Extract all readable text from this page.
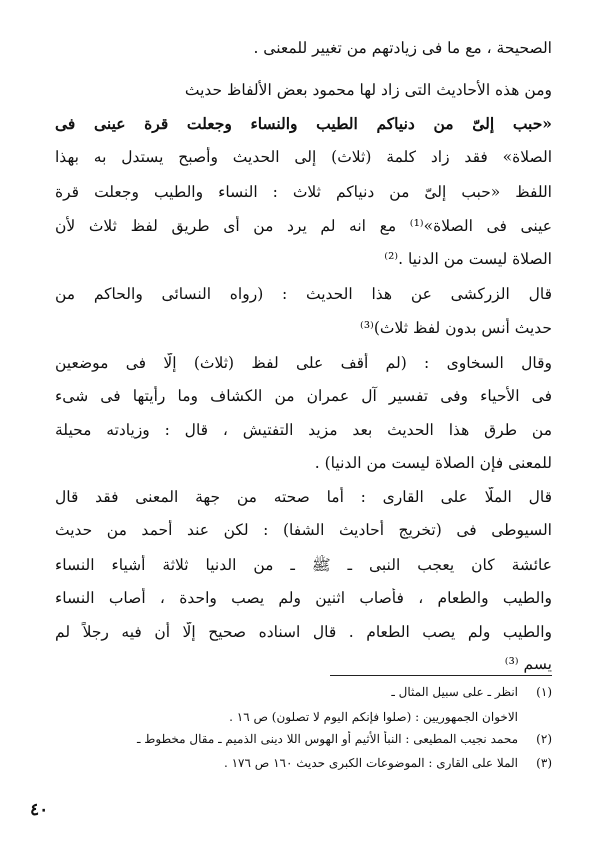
الصحيحة ، مع ما فى زيادتهم من تغيير للمعنى .
ومن هذه الأحاديث التى زاد لها محمود بعض الألفاظ حديث
«حبب إلىّ من دنياكم الطيب والنساء وجعلت قرة عينى فى
الصلاة» فقد زاد كلمة (ثلاث) إلى الحديث وأصبح يستدل به بهذا
اللفظ «حبب إلىّ من دنياكم ثلاث : النساء والطيب وجعلت قرة
عينى فى الصلاة»⁽¹⁾ مع انه لم يرد من أى طريق لفظ ثلاث لأن
الصلاة ليست من الدنيا .⁽²⁾
قال الزركشى عن هذا الحديث : (رواه النسائى والحاكم من
حديث أنس بدون لفظ ثلاث)⁽³⁾
وقال السخاوى : (لم أقف على لفظ (ثلاث) إلّا فى موضعين
فى الأحياء وفى تفسير آل عمران من الكشاف وما رأيتها فى شىء
من طرق هذا الحديث بعد مزيد التفتيش ، قال : وزيادته محيلة
للمعنى فإن الصلاة ليست من الدنيا) .
قال الملّا على القارى : أما صحته من جهة المعنى فقد قال
السيوطى فى (تخريج أحاديث الشفا) : لكن عند أحمد من حديث
عائشة كان يعجب النبى ـ ﷺ ـ من الدنيا ثلاثة أشياء النساء
والطيب والطعام ، فأصاب اثنين ولم يصب واحدة ، أصاب النساء
والطيب ولم يصب الطعام . قال اسناده صحيح إلّا أن فيه رجلاً لم
يسم ⁽³⁾
(١)انظر ـ على سبيل المثال ـ
الاخوان الجمهوريين : (صلوا فإنكم اليوم لا تصلون) ص ١٦ .
(٢)محمد نجيب المطيعى : النبأ الأثيم أو الهوس اللا دينى الذميم ـ مقال مخطوط ـ
(٣)الملا على القارى : الموضوعات الكبرى حديث ١٦٠ ص ١٧٦ .
٤٠
